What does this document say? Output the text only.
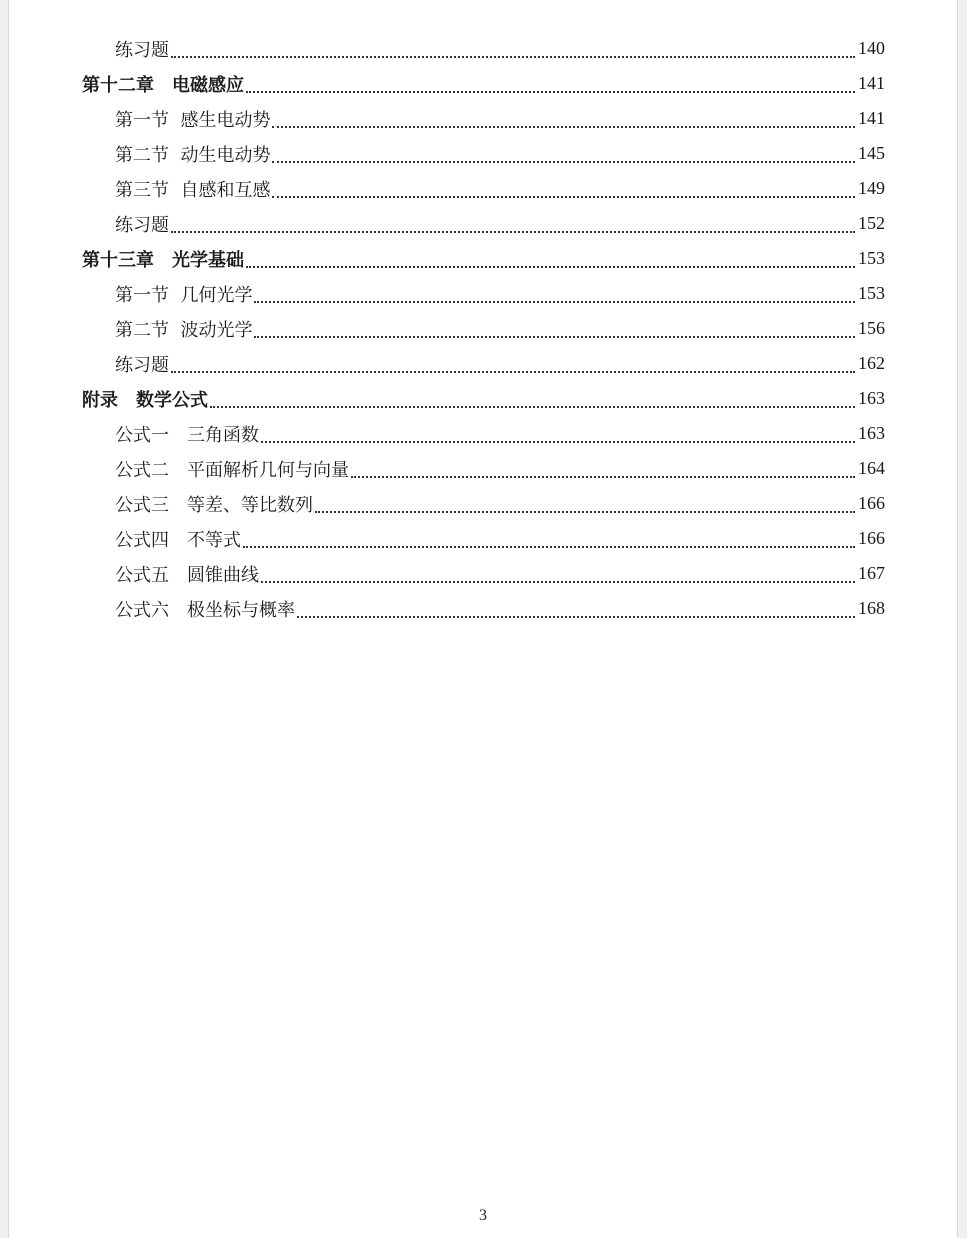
练习题	140
第十二章　电磁感应	141
第一节  感生电动势	141
第二节  动生电动势	145
第三节  自感和互感	149
练习题	152
第十三章　光学基础	153
第一节  几何光学	153
第二节  波动光学	156
练习题	162
附录　数学公式	163
公式一　三角函数	163
公式二　平面解析几何与向量	164
公式三　等差、等比数列	166
公式四　不等式	166
公式五　圆锥曲线	167
公式六　极坐标与概率	168
3
